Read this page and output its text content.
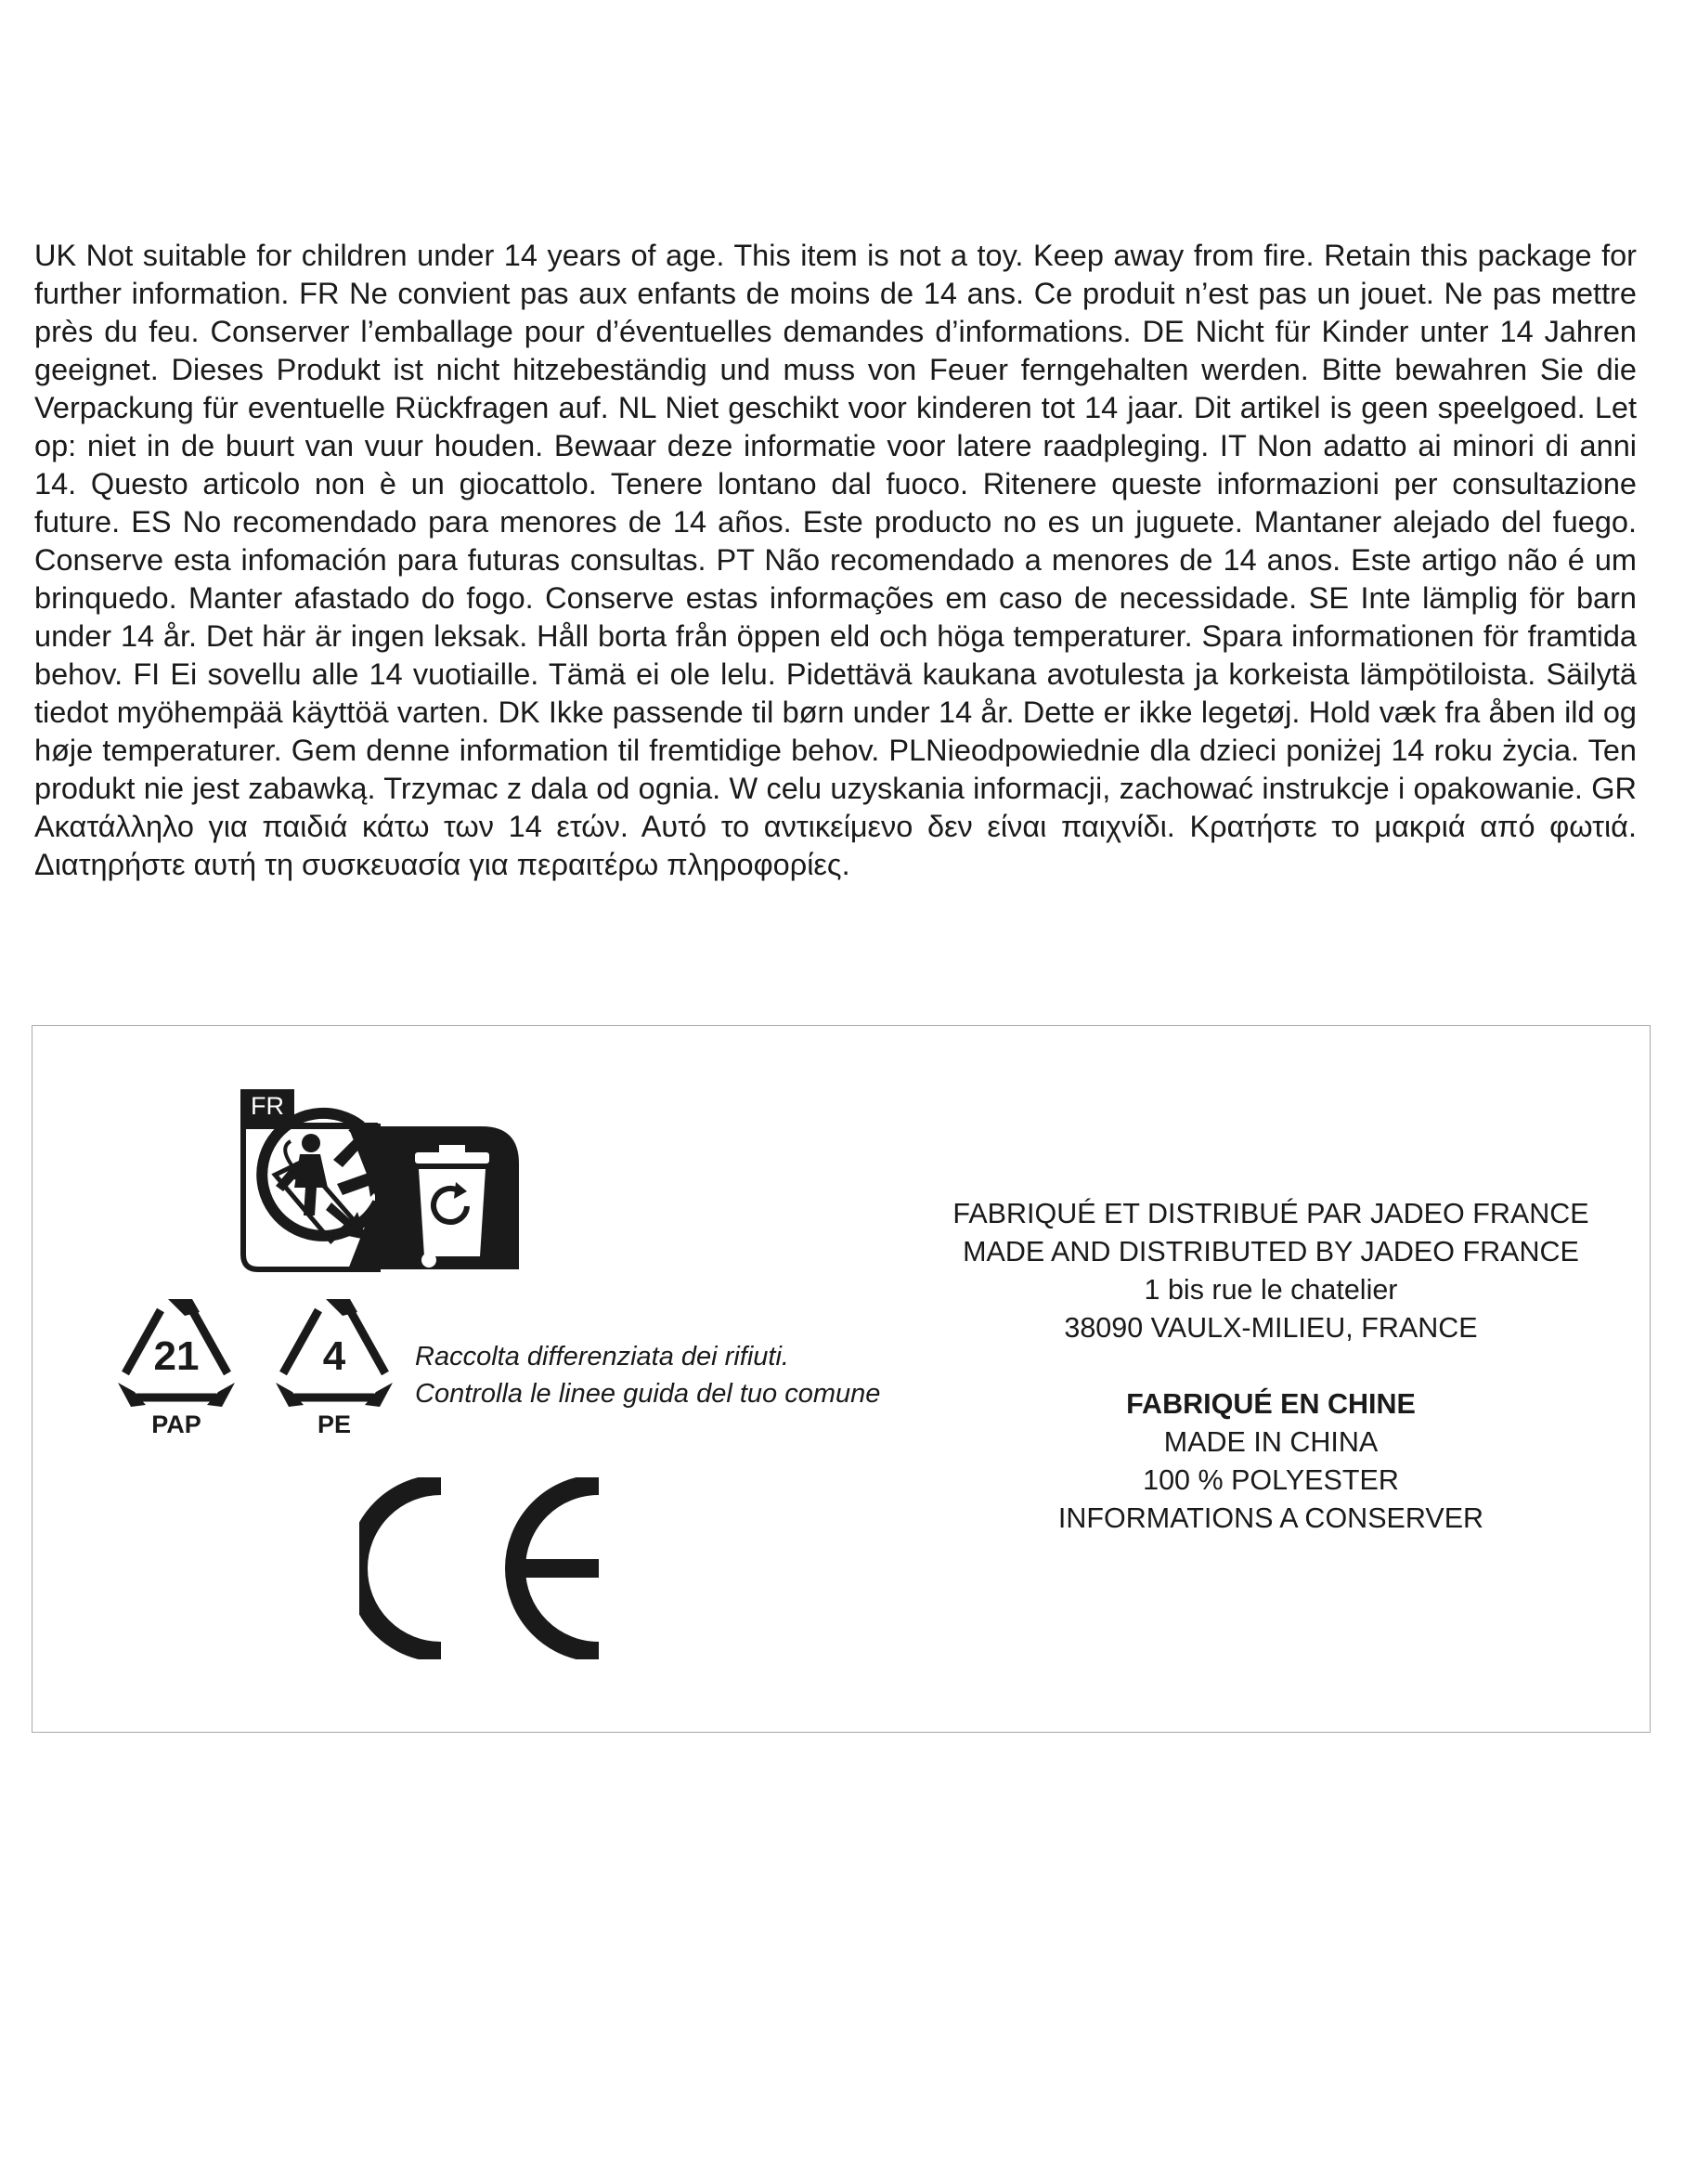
UK Not suitable for children under 14 years of age. This item is not a toy. Keep away from fire. Retain this package for further information. FR Ne convient pas aux enfants de moins de 14 ans. Ce produit n’est pas un jouet. Ne pas mettre près du feu. Conserver l’emballage pour d’éventuelles demandes d’informations. DE Nicht für Kinder unter 14 Jahren geeignet. Dieses Produkt ist nicht hitzebeständig und muss von Feuer ferngehalten werden. Bitte bewahren Sie die Verpackung für eventuelle Rückfragen auf. NL Niet geschikt voor kinderen tot 14 jaar. Dit artikel is geen speelgoed. Let op: niet in de buurt van vuur houden. Bewaar deze informatie voor latere raadpleging. IT Non adatto ai minori di anni 14. Questo articolo non è un giocattolo. Tenere lontano dal fuoco. Ritenere queste informazioni per consultazione future. ES No recomendado para menores de 14 años. Este producto no es un juguete. Mantaner alejado del fuego. Conserve esta infomación para futuras consultas. PT Não recomendado a menores de 14 anos. Este artigo não é um brinquedo. Manter afastado do fogo. Conserve estas informações em caso de necessidade. SE Inte lämplig för barn under 14 år. Det här är ingen leksak. Håll borta från öppen eld och höga temperaturer. Spara informationen för framtida behov. FI Ei sovellu alle 14 vuotiaille. Tämä ei ole lelu. Pidettävä kaukana avotulesta ja korkeista lämpötiloista. Säilytä tiedot myöhempää käyttöä varten. DK Ikke passende til børn under 14 år. Dette er ikke legetøj. Hold væk fra åben ild og høje temperaturer. Gem denne information til fremtidige behov. PLNieodpowiednie dla dzieci poniżej 14 roku życia. Ten produkt nie jest zabawką. Trzymac z dala od ognia. W celu uzyskania informacji, zachować instrukcje i opakowanie. GR Ακατάλληλο για παιδιά κάτω των 14 ετών. Αυτό το αντικείμενο δεν είναι παιχνίδι. Κρατήστε το μακριά από φωτιά. Διατηρήστε αυτή τη συσκευασία για περαιτέρω πληροφορίες.
FR
21
PAP
4
PE
Raccolta differenziata dei rifiuti.
Controlla le linee guida del tuo comune
FABRIQUÉ ET DISTRIBUÉ PAR JADEO FRANCE
MADE AND DISTRIBUTED BY JADEO FRANCE
1 bis rue le chatelier
38090 VAULX-MILIEU, FRANCE
FABRIQUÉ EN CHINE
MADE IN CHINA
100 % POLYESTER
INFORMATIONS A CONSERVER
